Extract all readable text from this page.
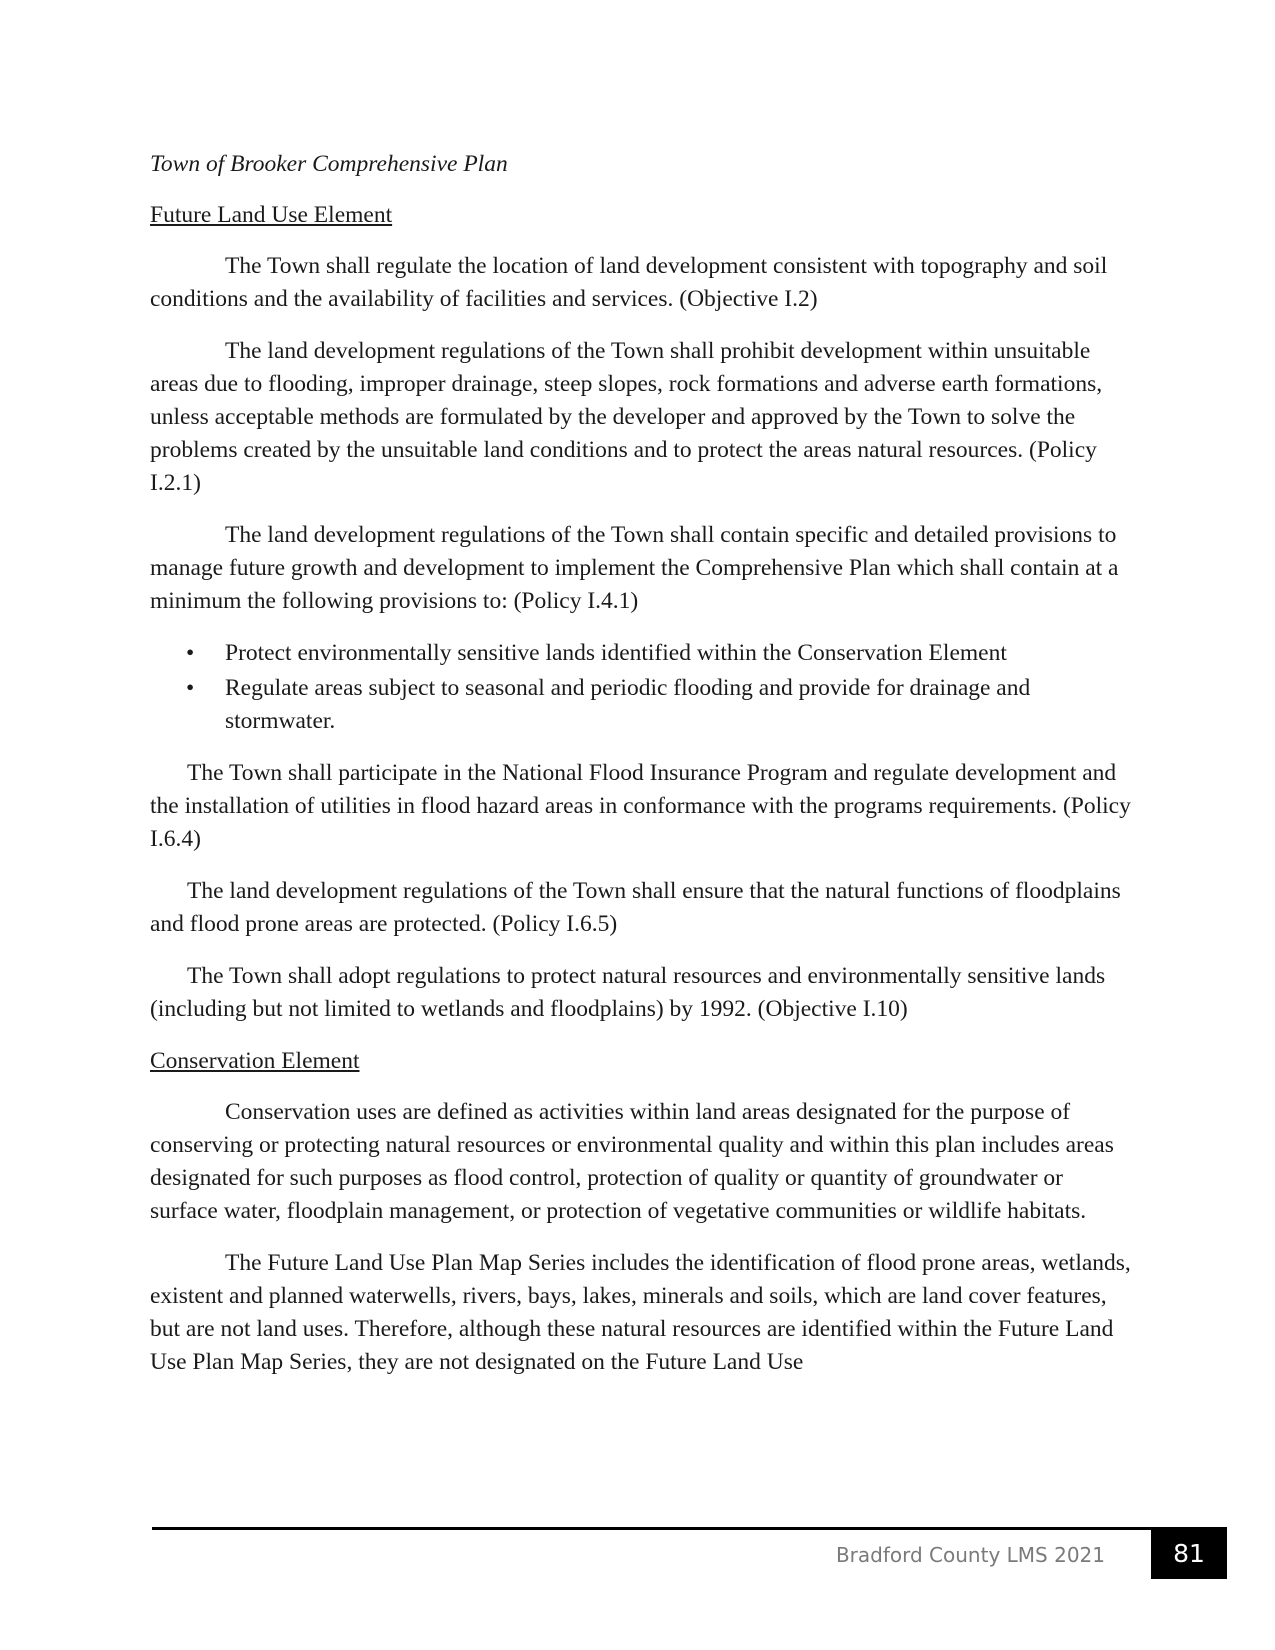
Town of Brooker Comprehensive Plan

Future Land Use Element

The Town shall regulate the location of land development consistent with topography and soil conditions and the availability of facilities and services. (Objective I.2)

The land development regulations of the Town shall prohibit development within unsuitable areas due to flooding, improper drainage, steep slopes, rock formations and adverse earth formations, unless acceptable methods are formulated by the developer and approved by the Town to solve the problems created by the unsuitable land conditions and to protect the areas natural resources. (Policy I.2.1)

The land development regulations of the Town shall contain specific and detailed provisions to manage future growth and development to implement the Comprehensive Plan which shall contain at a minimum the following provisions to: (Policy I.4.1)

• Protect environmentally sensitive lands identified within the Conservation Element
• Regulate areas subject to seasonal and periodic flooding and provide for drainage and stormwater.

The Town shall participate in the National Flood Insurance Program and regulate development and the installation of utilities in flood hazard areas in conformance with the programs requirements. (Policy I.6.4)

The land development regulations of the Town shall ensure that the natural functions of floodplains and flood prone areas are protected. (Policy I.6.5)

The Town shall adopt regulations to protect natural resources and environmentally sensitive lands (including but not limited to wetlands and floodplains) by 1992. (Objective I.10)

Conservation Element

Conservation uses are defined as activities within land areas designated for the purpose of conserving or protecting natural resources or environmental quality and within this plan includes areas designated for such purposes as flood control, protection of quality or quantity of groundwater or surface water, floodplain management, or protection of vegetative communities or wildlife habitats.

The Future Land Use Plan Map Series includes the identification of flood prone areas, wetlands, existent and planned waterwells, rivers, bays, lakes, minerals and soils, which are land cover features, but are not land uses. Therefore, although these natural resources are identified within the Future Land Use Plan Map Series, they are not designated on the Future Land Use

Bradford County LMS 2021	81
